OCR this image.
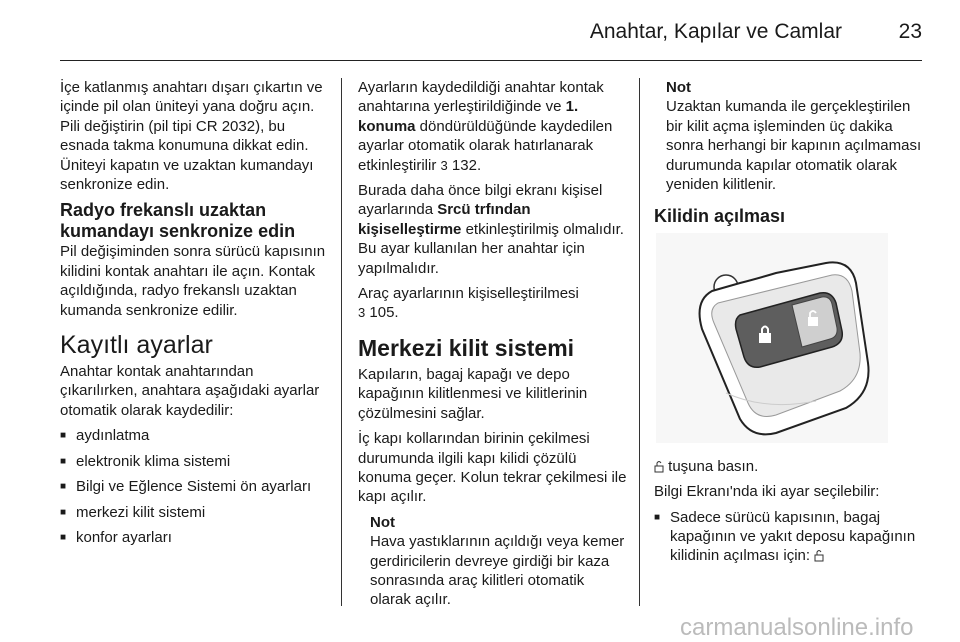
Anahtar, Kapılar ve Camlar	23

İçe katlanmış anahtarı dışarı çıkartın ve içinde pil olan üniteyi yana doğru açın. Pili değiştirin (pil tipi CR 2032), bu esnada takma konumuna dikkat edin. Üniteyi kapatın ve uzaktan kumandayı senkronize edin.

Radyo frekanslı uzaktan kumandayı senkronize edin

Pil değişiminden sonra sürücü kapısının kilidini kontak anahtarı ile açın. Kontak açıldığında, radyo frekanslı uzaktan kumanda senkronize edilir.

Kayıtlı ayarlar

Anahtar kontak anahtarından çıkarılırken, anahtara aşağıdaki ayarlar otomatik olarak kaydedilir:

■ aydınlatma
■ elektronik klima sistemi
■ Bilgi ve Eğlence Sistemi ön ayarları
■ merkezi kilit sistemi
■ konfor ayarları

Ayarların kaydedildiği anahtar kontak anahtarına yerleştirildiğinde ve 1. konuma döndürüldüğünde kaydedilen ayarlar otomatik olarak hatırlanarak etkinleştirilir 3 132.

Burada daha önce bilgi ekranı kişisel ayarlarında Srcü trfından kişiselleştirme etkinleştirilmiş olmalıdır. Bu ayar kullanılan her anahtar için yapılmalıdır.

Araç ayarlarının kişiselleştirilmesi
3 105.

Merkezi kilit sistemi

Kapıların, bagaj kapağı ve depo kapağının kilitlenmesi ve kilitlerinin çözülmesini sağlar.

İç kapı kollarından birinin çekilmesi durumunda ilgili kapı kilidi çözülü konuma geçer. Kolun tekrar çekilmesi ile kapı açılır.

Not
Hava yastıklarının açıldığı veya kemer gerdiricilerin devreye girdiği bir kaza sonrasında araç kilitleri otomatik olarak açılır.
Not
Uzaktan kumanda ile gerçekleştirilen bir kilit açma işleminden üç dakika sonra herhangi bir kapının açılmaması durumunda kapılar otomatik olarak yeniden kilitlenir.
Kilidin açılması

tuşuna basın.

Bilgi Ekranı'nda iki ayar seçilebilir:

■ Sadece sürücü kapısının, bagaj kapağının ve yakıt deposu kapağının kilidinin açılması için:
carmanualsonline.info
